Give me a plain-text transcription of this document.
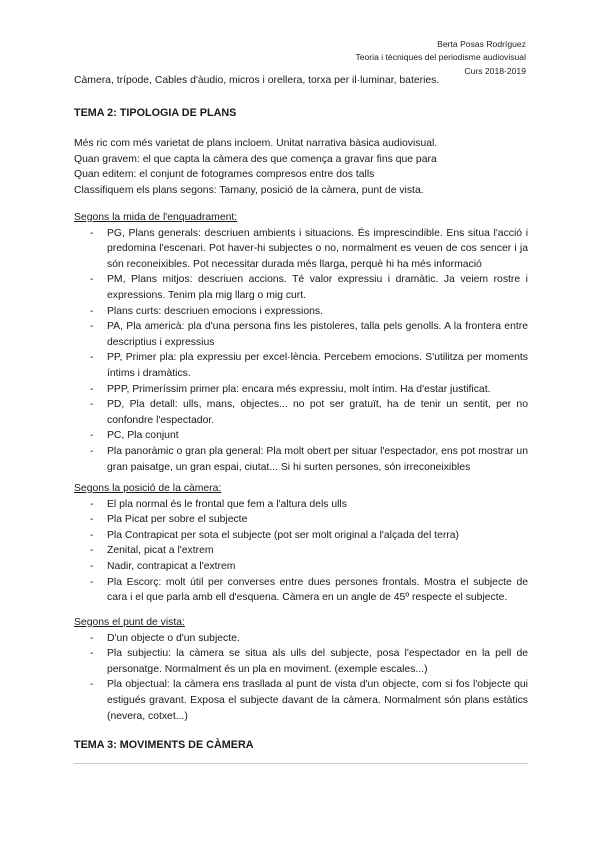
Berta Posas Rodríguez
Teoria i tècniques del periodisme audiovisual
Curs 2018-2019
Càmera, trípode, Cables d'àudio, micros i orellera, torxa per il·luminar, bateries.
TEMA 2: TIPOLOGIA DE PLANS
Més ric com més varietat de plans incloem. Unitat narrativa bàsica audiovisual.
Quan gravem: el que capta la càmera des que comença a gravar fins que para
Quan editem: el conjunt de fotogrames compresos entre dos talls
Classifiquem els plans segons: Tamany, posició de la càmera, punt de vista.
Segons la mida de l'enquadrament:
- PG, Plans generals: descriuen ambients i situacions. És imprescindible. Ens situa l'acció i predomina l'escenari. Pot haver-hi subjectes o no, normalment es veuen de cos sencer i ja són reconeixibles. Pot necessitar durada més llarga, perquè hi ha més informació
- PM, Plans mitjos: descriuen accions. Té valor expressiu i dramàtic. Ja veiem rostre i expressions. Tenim pla mig llarg o mig curt.
- Plans curts: descriuen emocions i expressions.
- PA, Pla americà: pla d'una persona fins les pistoleres, talla pels genolls. A la frontera entre descriptius i expressius
- PP, Primer pla: pla expressiu per excel·lència. Percebem emocions. S'utilitza per moments íntims i dramàtics.
- PPP, Primeríssim primer pla: encara més expressiu, molt íntim. Ha d'estar justificat.
- PD, Pla detall: ulls, mans, objectes... no pot ser gratuït, ha de tenir un sentit, per no confondre l'espectador.
- PC, Pla conjunt
- Pla panoràmic o gran pla general: Pla molt obert per situar l'espectador, ens pot mostrar un gran paisatge, un gran espai, ciutat... Si hi surten persones, són irreconeixibles
Segons la posició de la càmera:
- El pla normal és le frontal que fem a l'altura dels ulls
- Pla Picat per sobre el subjecte
- Pla Contrapicat per sota el subjecte (pot ser molt original a l'alçada del terra)
- Zenital, picat a l'extrem
- Nadir, contrapicat a l'extrem
- Pla Escorç: molt útil per converses entre dues persones frontals. Mostra el subjecte de cara i el que parla amb ell d'esquena. Càmera en un angle de 45º respecte el subjecte.
Segons el punt de vista:
- D'un objecte o d'un subjecte.
- Pla subjectiu: la càmera se situa als ulls del subjecte, posa l'espectador en la pell de personatge. Normalment és un pla en moviment. (exemple escales...)
- Pla objectual: la càmera ens trasllada al punt de vista d'un objecte, com si fos l'objecte qui estigués gravant. Exposa el subjecte davant de la càmera. Normalment són plans estàtics (nevera, cotxet...)
TEMA 3: MOVIMENTS DE CÀMERA
